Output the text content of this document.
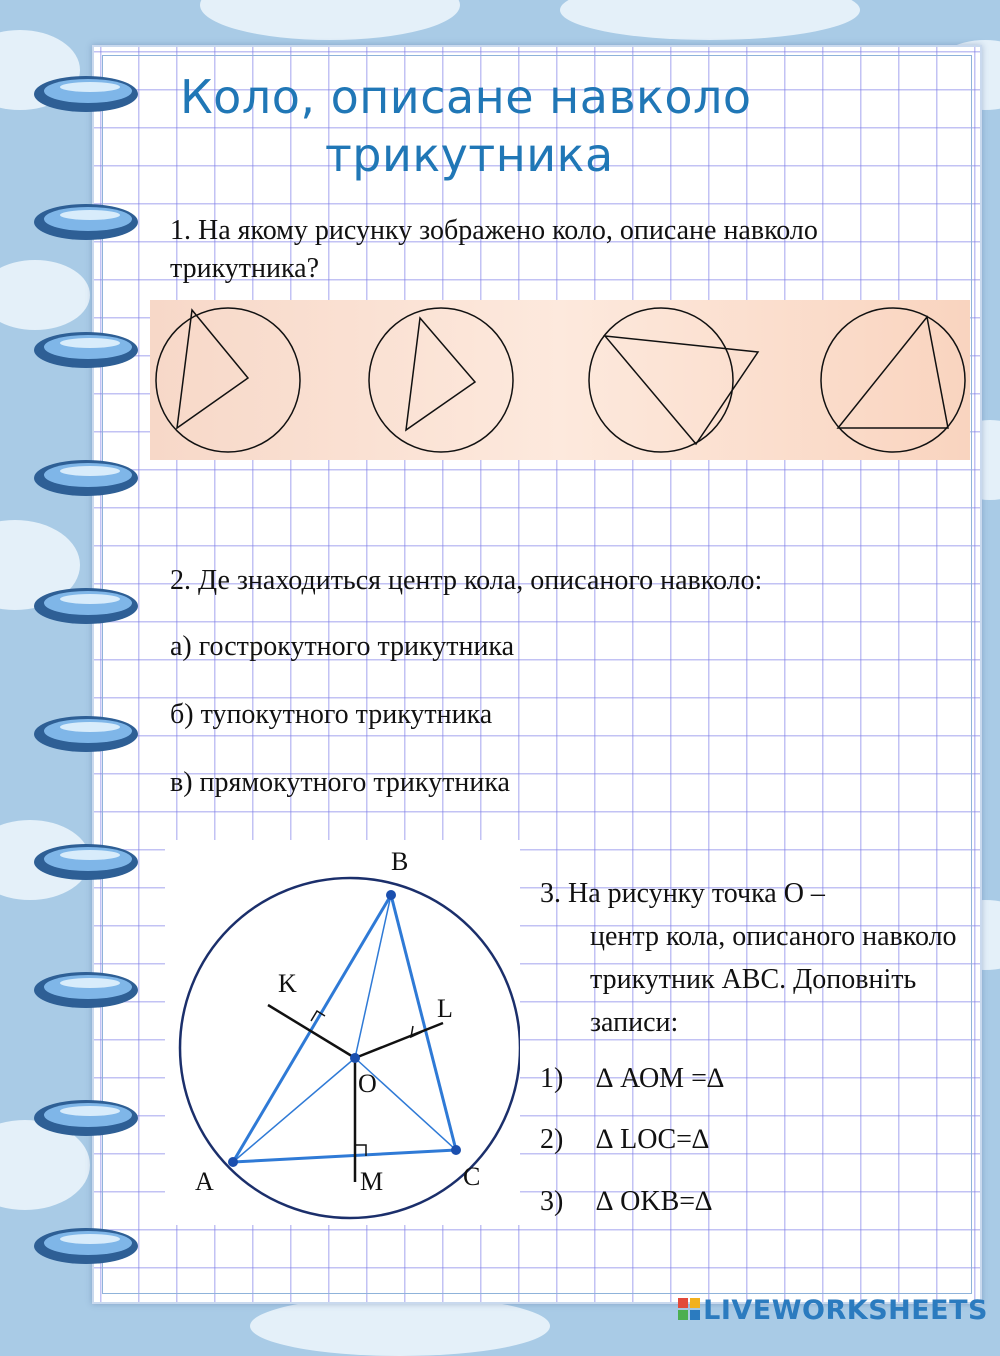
Коло, описане навколо
трикутника
1. На якому рисунку зображено коло, описане навколо трикутника?
2. Де знаходиться центр кола, описаного навколо:
а) гострокутного трикутника
б) тупокутного трикутника
в) прямокутного трикутника
A
B
C
O
K
L
M
3. На рисунку точка О –
центр кола, описаного навколо трикутник АВС. Доповніть записи:
1) ∆ АОМ =∆
2) ∆ LOC=∆
3) ∆ OKB=∆
LIVEWORKSHEETS
